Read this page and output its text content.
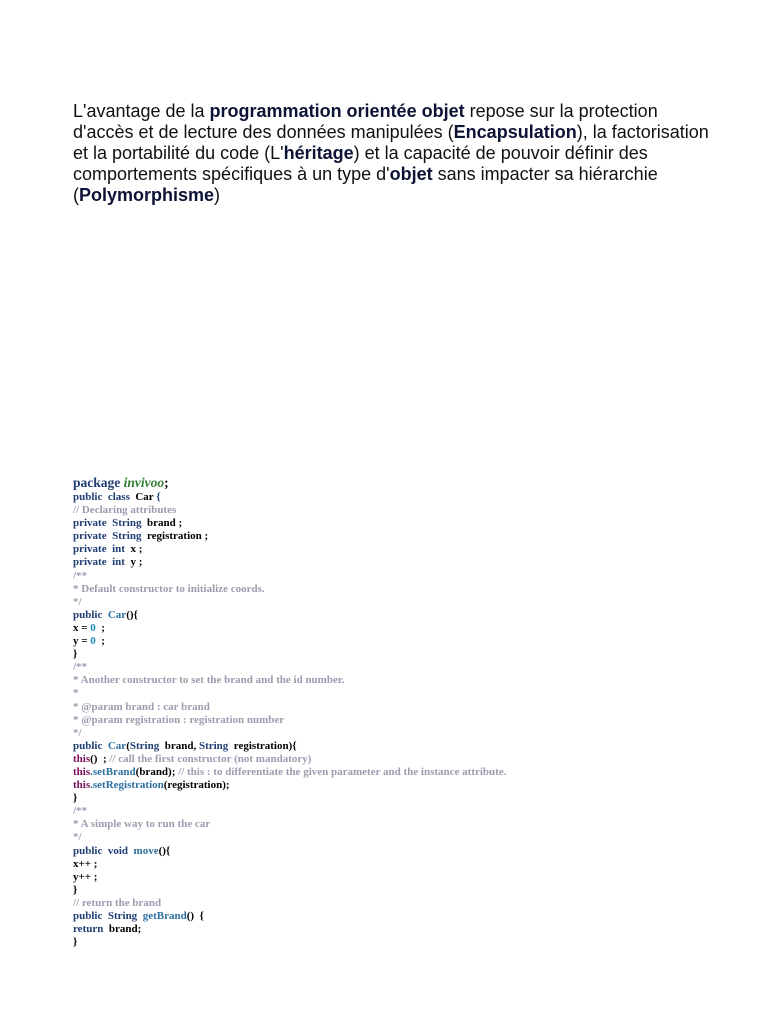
L'avantage de la programmation orientée objet repose sur la protection d'accès et de lecture des données manipulées (Encapsulation), la factorisation et la portabilité du code (L'héritage) et la capacité de pouvoir définir des comportements spécifiques à un type d'objet sans impacter sa hiérarchie (Polymorphisme)
package invivoo;
public  class  Car {
// Declaring attributes
private  String  brand ;
private  String  registration ;
private  int  x ;
private  int  y ;
/**
* Default constructor to initialize coords.
*/
public  Car(){
x = 0  ;
y = 0  ;
}
/**
* Another constructor to set the brand and the id number.
*
* @param brand : car brand
* @param registration : registration number
*/
public  Car(String  brand, String  registration){
this()  ; // call the first constructor (not mandatory)
this.setBrand(brand); // this : to differentiate the given parameter and the instance attribute.
this.setRegistration(registration);
}
/**
* A simple way to run the car
*/
public  void  move(){
x++ ;
y++ ;
}
// return the brand
public  String  getBrand()  {
return  brand;
}
